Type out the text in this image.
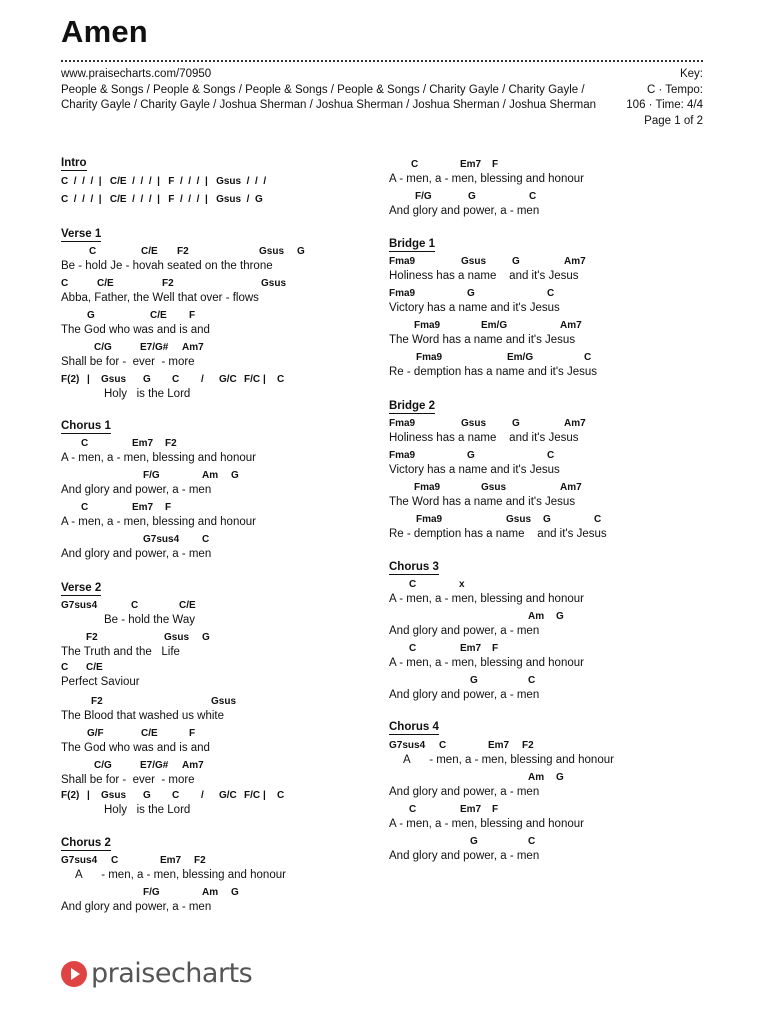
Amen
www.praisecharts.com/70950
People & Songs / People & Songs / People & Songs / People & Songs / Charity Gayle / Charity Gayle / Charity Gayle / Charity Gayle / Joshua Sherman / Joshua Sherman / Joshua Sherman / Joshua Sherman
Key:
C · Tempo:
106 · Time: 4/4
Page 1 of 2
Intro
C  /  /  /  |   C/E  /  /  /  |   F  /  /  /  |   Gsus  /  /  /
C  /  /  /  |   C/E  /  /  /  |   F  /  /  /  |   Gsus  /  G
Verse 1
Chorus 1
Verse 2
Chorus 2
Bridge 1
Bridge 2
Chorus 3
Chorus 4
C	C/E F2	Gsus G
Be - hold Je - hovah seated on the throne
C	C/E	F2	Gsus
Abba, Father, the Well that over - flows
G	C/E F
The God who was and is and
C/G	E7/G# Am7
Shall be for -  ever  - more
F(2) | Gsus G C / G/C F/C | C
Holy   is the Lord
C	Em7 F2
A - men, a - men, blessing and honour
F/G	Am G
And glory and power, a - men
C	Em7 F
A - men, a - men, blessing and honour
G7sus4 C
And glory and power, a - men
G7sus4	C	C/E
Be - hold the Way
F2	Gsus G
The Truth and the   Life
C C/E
Perfect Saviour
F2	Gsus
The Blood that washed us white
G/F	C/E	F
The God who was and is and
C/G	E7/G# Am7
Shall be for -  ever  - more
F(2) | Gsus G C / G/C F/C | C
Holy   is the Lord
G7sus4 C	Em7 F2
A      - men, a - men, blessing and honour
F/G	Am G
And glory and power, a - men
C	Em7 F
A - men, a - men, blessing and honour
F/G	G	C
And glory and power, a - men
Fma9	Gsus	G	Am7
Holiness has a name    and it's Jesus
Fma9	G	C
Victory has a name and it's Jesus
Fma9	Em/G	Am7
The Word has a name and it's Jesus
Fma9	Em/G	C
Re - demption has a name and it's Jesus
Fma9	Gsus	G	Am7
Holiness has a name    and it's Jesus
Fma9	G	C
Victory has a name and it's Jesus
Fma9	Gsus	Am7
The Word has a name and it's Jesus
Fma9	Gsus G	C
Re - demption has a name    and it's Jesus
C	x
A - men, a - men, blessing and honour
Am G
And glory and power, a - men
C	Em7 F
A - men, a - men, blessing and honour
G	C
And glory and power, a - men
G7sus4 C	Em7 F2
A      - men, a - men, blessing and honour
Am G
And glory and power, a - men
C	Em7 F
A - men, a - men, blessing and honour
G	C
And glory and power, a - men
praisecharts
